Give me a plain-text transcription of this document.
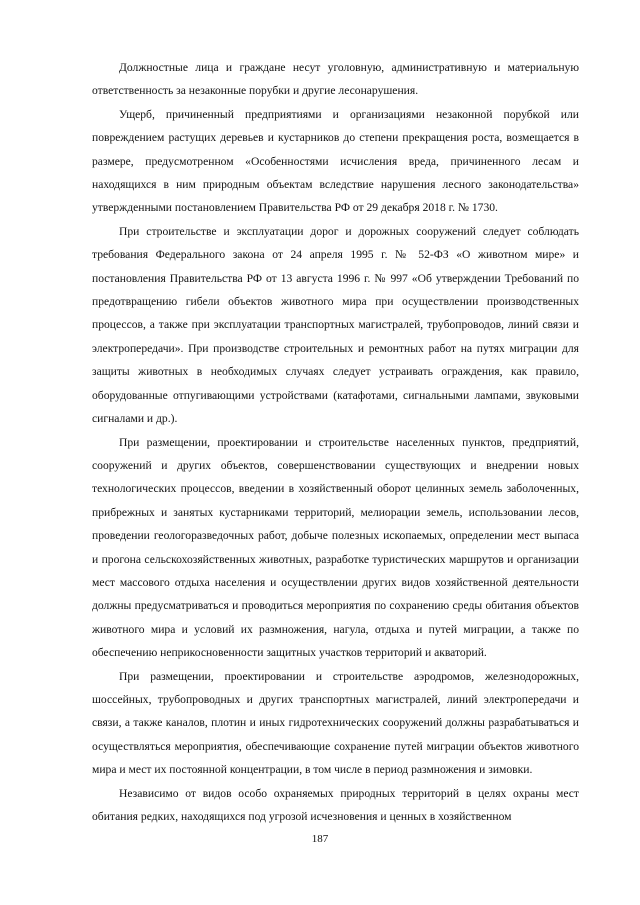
Должностные лица и граждане несут уголовную, административную и материальную ответственность за незаконные порубки и другие лесонарушения.

Ущерб, причиненный предприятиями и организациями незаконной порубкой или повреждением растущих деревьев и кустарников до степени прекращения роста, возмещается в размере, предусмотренном «Особенностями исчисления вреда, причиненного лесам и находящихся в ним природным объектам вследствие нарушения лесного законодательства» утвержденными постановлением Правительства РФ от 29 декабря 2018 г. № 1730.

При строительстве и эксплуатации дорог и дорожных сооружений следует соблюдать требования Федерального закона от 24 апреля 1995 г. № 52-ФЗ «О животном мире» и постановления Правительства РФ от 13 августа 1996 г. № 997 «Об утверждении Требований по предотвращению гибели объектов животного мира при осуществлении производственных процессов, а также при эксплуатации транспортных магистралей, трубопроводов, линий связи и электропередачи». При производстве строительных и ремонтных работ на путях миграции для защиты животных в необходимых случаях следует устраивать ограждения, как правило, оборудованные отпугивающими устройствами (катафотами, сигнальными лампами, звуковыми сигналами и др.).

При размещении, проектировании и строительстве населенных пунктов, предприятий, сооружений и других объектов, совершенствовании существующих и внедрении новых технологических процессов, введении в хозяйственный оборот целинных земель заболоченных, прибрежных и занятых кустарниками территорий, мелиорации земель, использовании лесов, проведении геологоразведочных работ, добыче полезных ископаемых, определении мест выпаса и прогона сельскохозяйственных животных, разработке туристических маршрутов и организации мест массового отдыха населения и осуществлении других видов хозяйственной деятельности должны предусматриваться и проводиться мероприятия по сохранению среды обитания объектов животного мира и условий их размножения, нагула, отдыха и путей миграции, а также по обеспечению неприкосновенности защитных участков территорий и акваторий.

При размещении, проектировании и строительстве аэродромов, железнодорожных, шоссейных, трубопроводных и других транспортных магистралей, линий электропередачи и связи, а также каналов, плотин и иных гидротехнических сооружений должны разрабатываться и осуществляться мероприятия, обеспечивающие сохранение путей миграции объектов животного мира и мест их постоянной концентрации, в том числе в период размножения и зимовки.

Независимо от видов особо охраняемых природных территорий в целях охраны мест обитания редких, находящихся под угрозой исчезновения и ценных в хозяйственном

187
